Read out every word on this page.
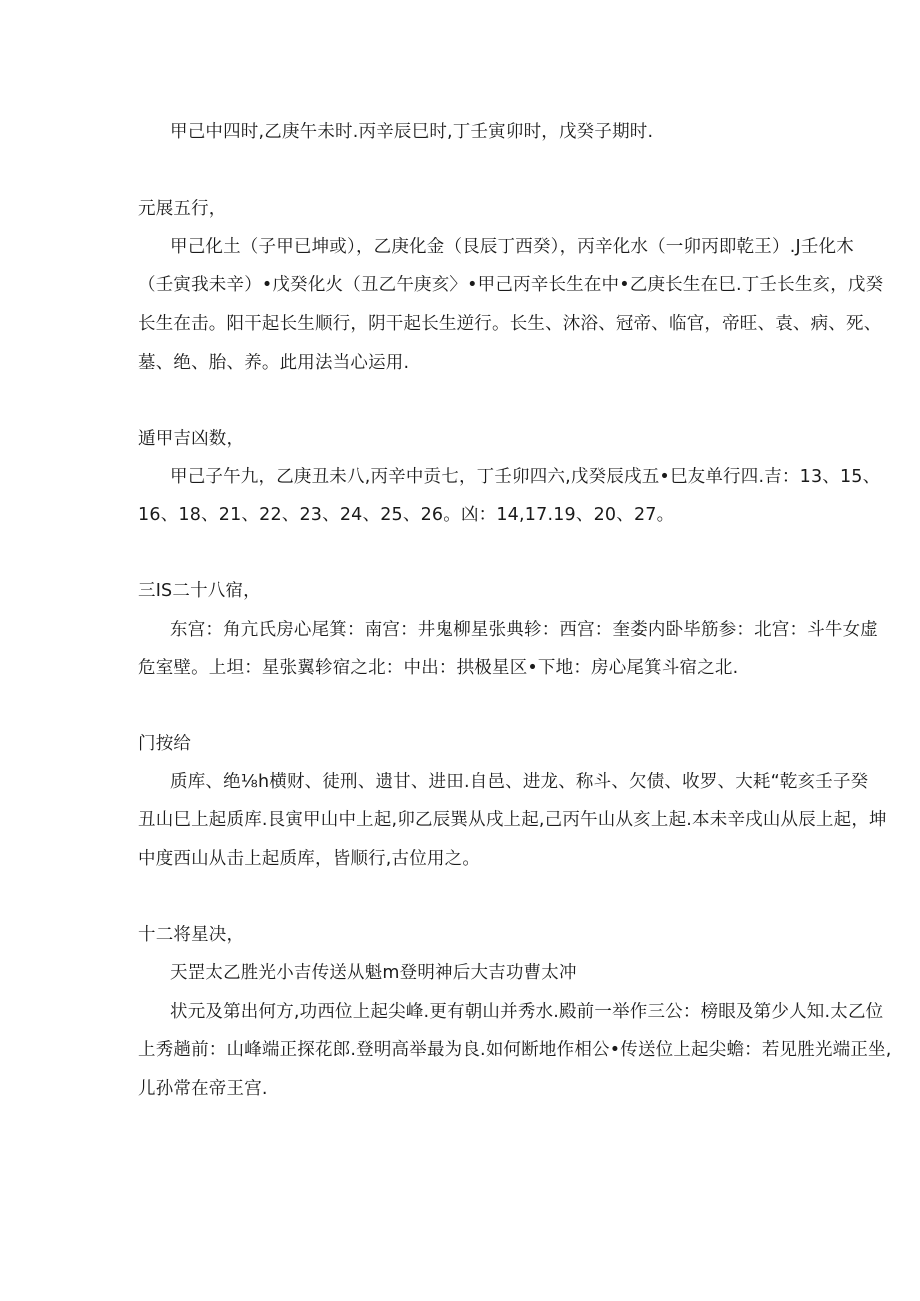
甲己中四时,乙庚午未时.丙辛辰巳时,丁壬寅卯时，戊癸子期时.
元展五行，
甲己化土（子甲已坤或），乙庚化金（艮辰丁西癸），丙辛化水（一卯丙即乾王）.J壬化木
（壬寅我未辛）•戊癸化火（丑乙午庚亥〉•甲己丙辛长生在中•乙庚长生在巳.丁壬长生亥，戊癸
长生在击。阳干起长生顺行，阴干起长生逆行。长生、沐浴、冠帝、临官，帝旺、袁、病、死、
墓、绝、胎、养。此用法当心运用.
遁甲吉凶数，
甲己子午九，乙庚丑未八,丙辛中贡七，丁壬卯四六,戊癸辰戌五•巳友单行四.吉：13、15、
16、18、21、22、23、24、25、26。凶：14,17.19、20、27。
三IS二十八宿，
东宫：角亢氏房心尾箕：南宫：井鬼柳星张典轸：西宫：奎娄内卧毕筋参：北宫：斗牛女虚
危室壁。上坦：星张翼轸宿之北：中出：拱极星区•下地：房心尾箕斗宿之北.
门按给
质库、绝⅛h横财、徒刑、遗甘、进田.自邑、进龙、称斗、欠债、收罗、大耗“乾亥壬子癸
丑山巳上起质库.艮寅甲山中上起,卯乙辰巽从戌上起,己丙午山从亥上起.本未辛戌山从辰上起，坤
中度西山从击上起质库，皆顺行,古位用之。
十二将星决，
天罡太乙胜光小吉传送从魁m登明神后大吉功曹太冲
状元及第出何方,功西位上起尖峰.更有朝山并秀水.殿前一举作三公：榜眼及第少人知.太乙位
上秀趟前：山峰端正探花郎.登明高举最为良.如何断地作相公•传送位上起尖蟾：若见胜光端正坐,
儿孙常在帝王宫.
